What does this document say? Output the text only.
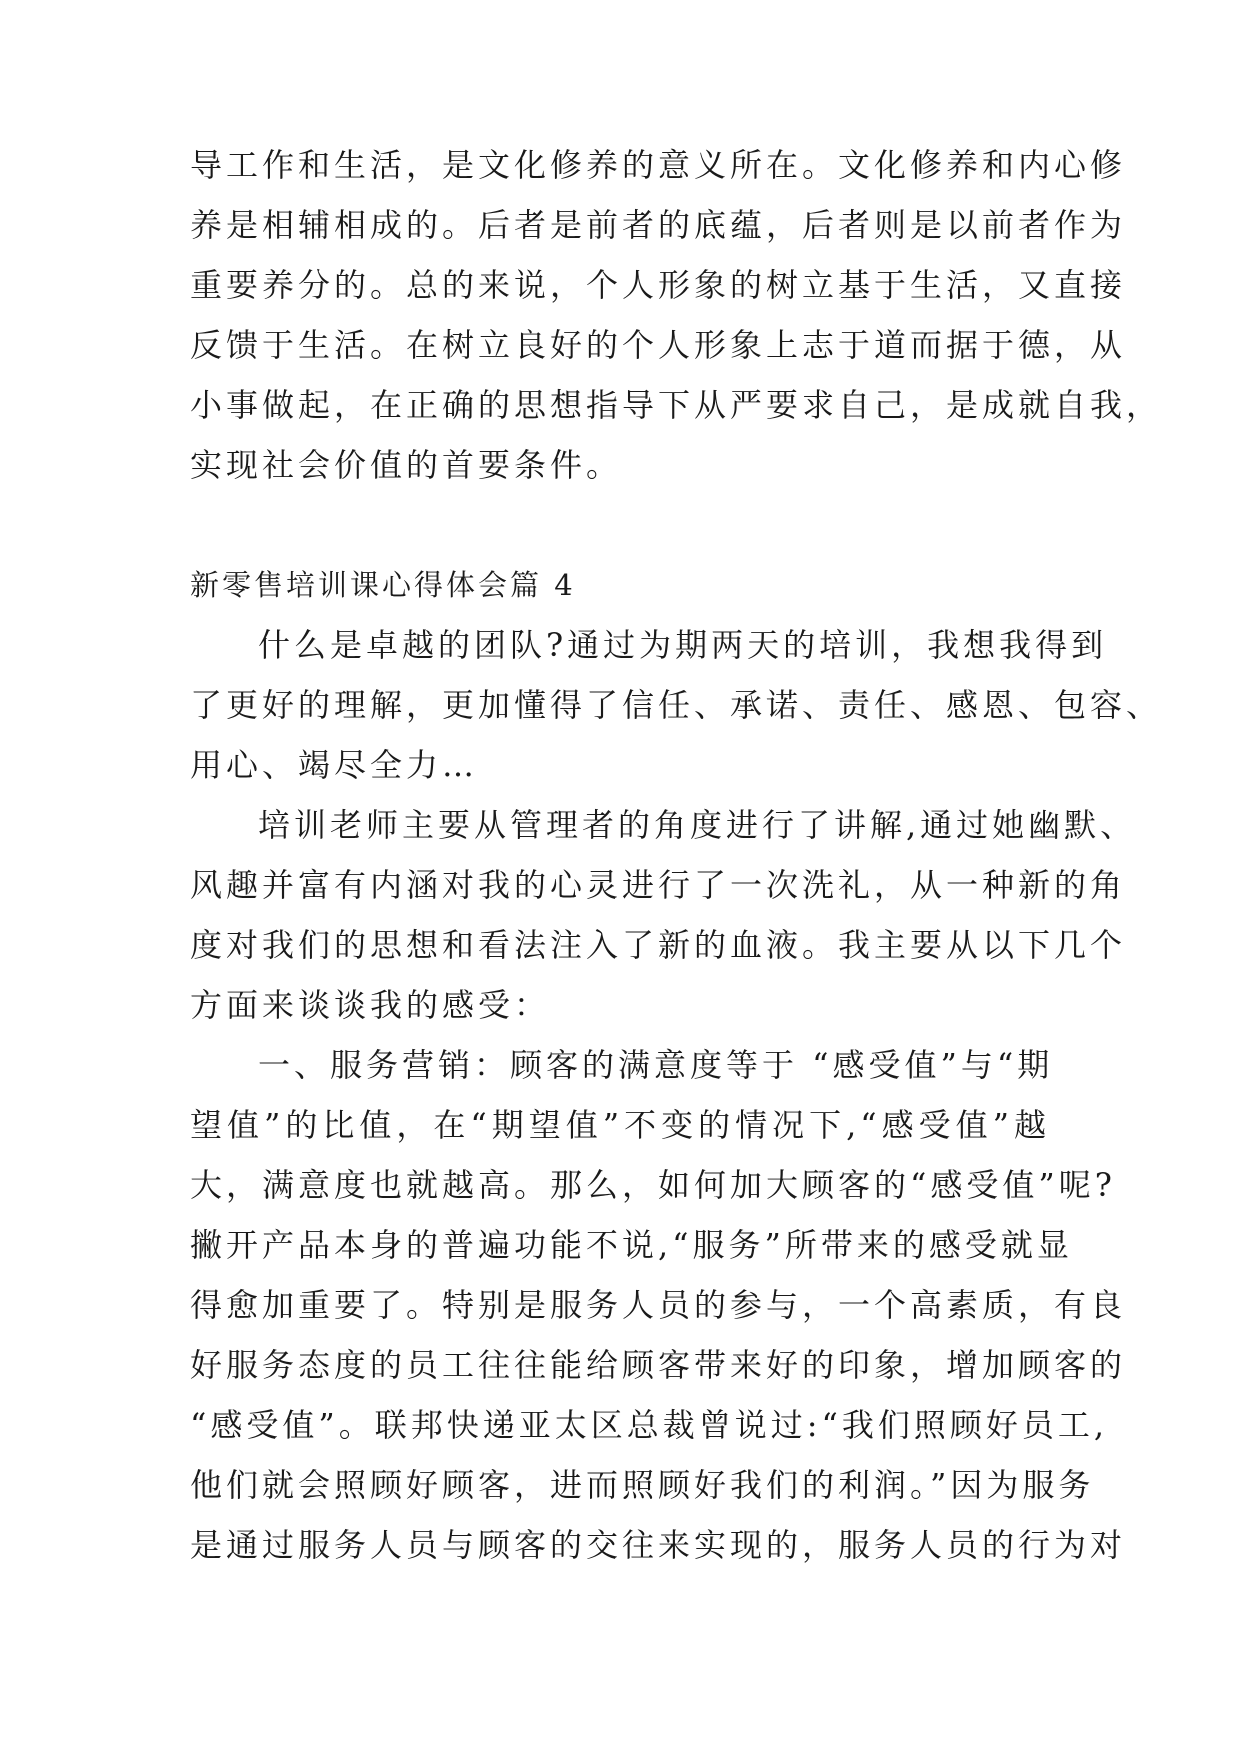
导工作和生活，是文化修养的意义所在。文化修养和内心修
养是相辅相成的。后者是前者的底蕴，后者则是以前者作为
重要养分的。总的来说，个人形象的树立基于生活，又直接
反馈于生活。在树立良好的个人形象上志于道而据于德，从
小事做起，在正确的思想指导下从严要求自己，是成就自我，
实现社会价值的首要条件。
新零售培训课心得体会篇 4
什么是卓越的团队?通过为期两天的培训，我想我得到
了更好的理解，更加懂得了信任、承诺、责任、感恩、包容、
用心、竭尽全力…
培训老师主要从管理者的角度进行了讲解,通过她幽默、
风趣并富有内涵对我的心灵进行了一次洗礼，从一种新的角
度对我们的思想和看法注入了新的血液。我主要从以下几个
方面来谈谈我的感受：
一、服务营销：顾客的满意度等于 “感受值”与“期
望值”的比值，在“期望值”不变的情况下,“感受值”越
大，满意度也就越高。那么，如何加大顾客的“感受值”呢?
撇开产品本身的普遍功能不说,“服务”所带来的感受就显
得愈加重要了。特别是服务人员的参与，一个高素质，有良
好服务态度的员工往往能给顾客带来好的印象，增加顾客的
“感受值”。联邦快递亚太区总裁曾说过:“我们照顾好员工,
他们就会照顾好顾客，进而照顾好我们的利润。”因为服务
是通过服务人员与顾客的交往来实现的，服务人员的行为对
